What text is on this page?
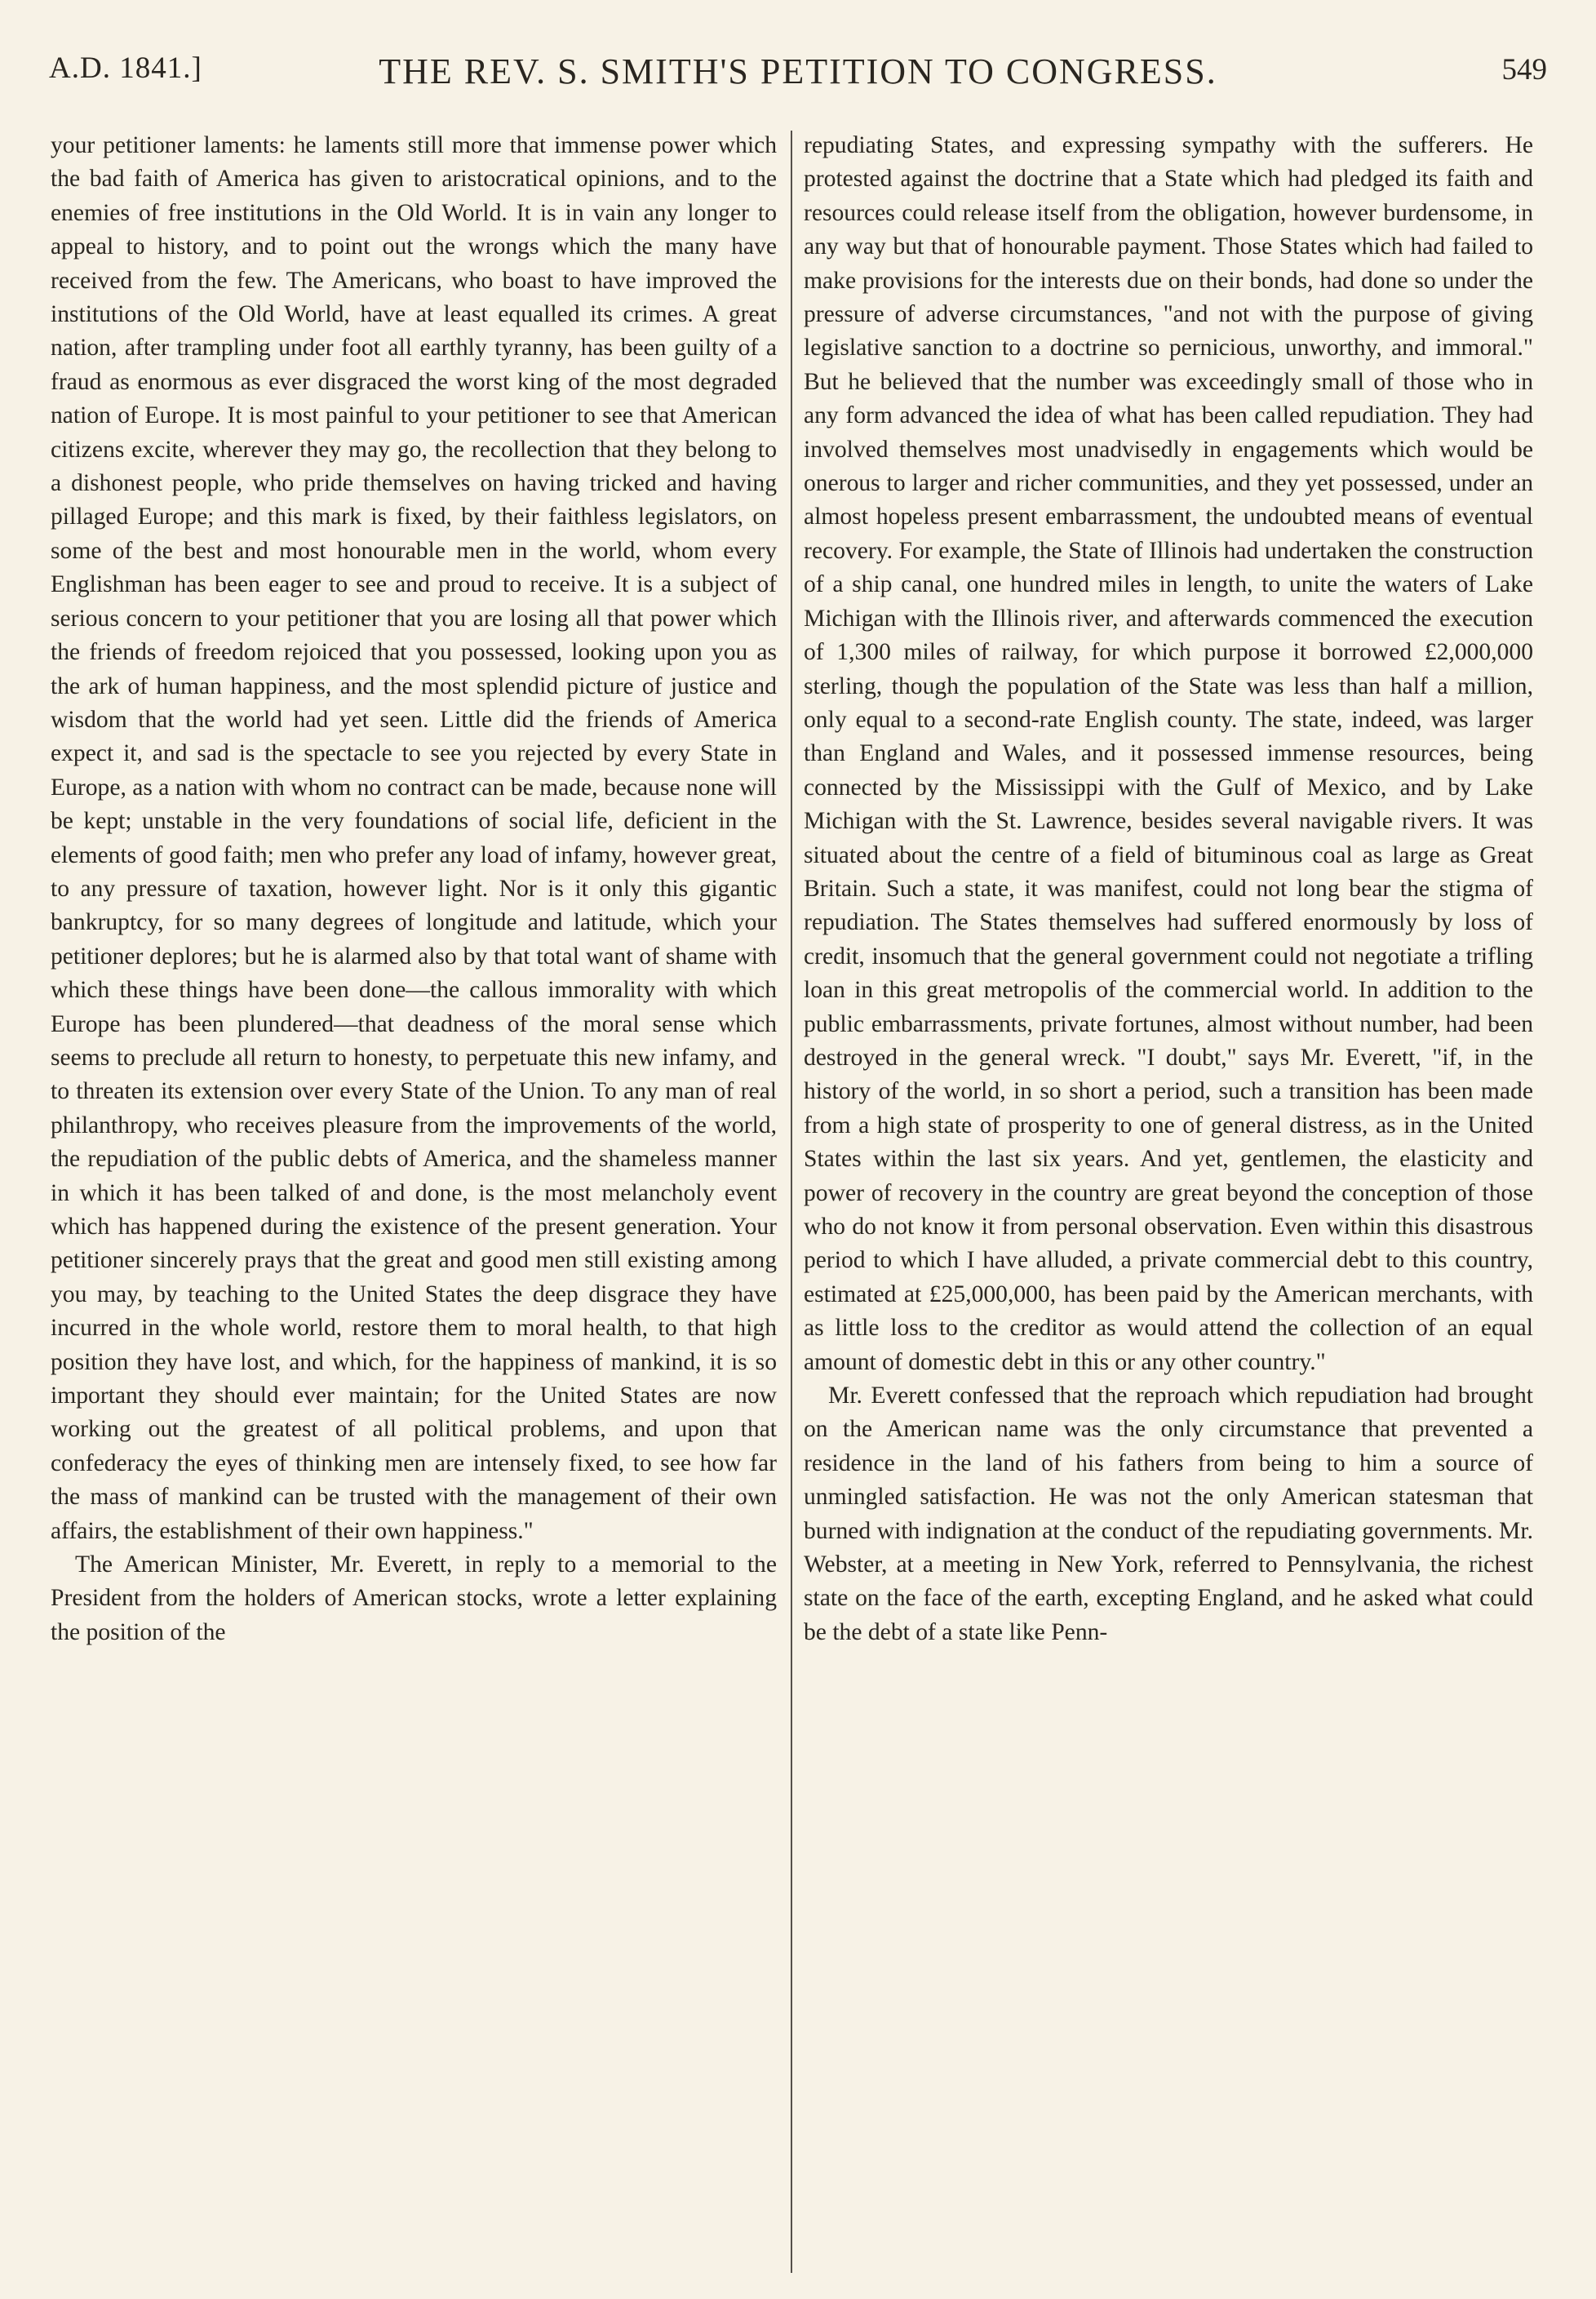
A.D. 1841.]	THE REV. S. SMITH'S PETITION TO CONGRESS.	549

your petitioner laments: he laments still more that immense power which the bad faith of America has given to aristocratical opinions, and to the enemies of free institutions in the Old World. It is in vain any longer to appeal to history, and to point out the wrongs which the many have received from the few. The Americans, who boast to have improved the institutions of the Old World, have at least equalled its crimes. A great nation, after trampling under foot all earthly tyranny, has been guilty of a fraud as enormous as ever disgraced the worst king of the most degraded nation of Europe. It is most painful to your petitioner to see that American citizens excite, wherever they may go, the recollection that they belong to a dishonest people, who pride themselves on having tricked and having pillaged Europe; and this mark is fixed, by their faithless legislators, on some of the best and most honourable men in the world, whom every Englishman has been eager to see and proud to receive. It is a subject of serious concern to your petitioner that you are losing all that power which the friends of freedom rejoiced that you possessed, looking upon you as the ark of human happiness, and the most splendid picture of justice and wisdom that the world had yet seen. Little did the friends of America expect it, and sad is the spectacle to see you rejected by every State in Europe, as a nation with whom no contract can be made, because none will be kept; unstable in the very foundations of social life, deficient in the elements of good faith; men who prefer any load of infamy, however great, to any pressure of taxation, however light. Nor is it only this gigantic bankruptcy, for so many degrees of longitude and latitude, which your petitioner deplores; but he is alarmed also by that total want of shame with which these things have been done—the callous immorality with which Europe has been plundered—that deadness of the moral sense which seems to preclude all return to honesty, to perpetuate this new infamy, and to threaten its extension over every State of the Union. To any man of real philanthropy, who receives pleasure from the improvements of the world, the repudiation of the public debts of America, and the shameless manner in which it has been talked of and done, is the most melancholy event which has happened during the existence of the present generation. Your petitioner sincerely prays that the great and good men still existing among you may, by teaching to the United States the deep disgrace they have incurred in the whole world, restore them to moral health, to that high position they have lost, and which, for the happiness of mankind, it is so important they should ever maintain; for the United States are now working out the greatest of all political problems, and upon that confederacy the eyes of thinking men are intensely fixed, to see how far the mass of mankind can be trusted with the management of their own affairs, the establishment of their own happiness."

The American Minister, Mr. Everett, in reply to a memorial to the President from the holders of American stocks, wrote a letter explaining the position of the

repudiating States, and expressing sympathy with the sufferers. He protested against the doctrine that a State which had pledged its faith and resources could release itself from the obligation, however burdensome, in any way but that of honourable payment. Those States which had failed to make provisions for the interests due on their bonds, had done so under the pressure of adverse circumstances, "and not with the purpose of giving legislative sanction to a doctrine so pernicious, unworthy, and immoral." But he believed that the number was exceedingly small of those who in any form advanced the idea of what has been called repudiation. They had involved themselves most unadvisedly in engagements which would be onerous to larger and richer communities, and they yet possessed, under an almost hopeless present embarrassment, the undoubted means of eventual recovery. For example, the State of Illinois had undertaken the construction of a ship canal, one hundred miles in length, to unite the waters of Lake Michigan with the Illinois river, and afterwards commenced the execution of 1,300 miles of railway, for which purpose it borrowed £2,000,000 sterling, though the population of the State was less than half a million, only equal to a second-rate English county. The state, indeed, was larger than England and Wales, and it possessed immense resources, being connected by the Mississippi with the Gulf of Mexico, and by Lake Michigan with the St. Lawrence, besides several navigable rivers. It was situated about the centre of a field of bituminous coal as large as Great Britain. Such a state, it was manifest, could not long bear the stigma of repudiation. The States themselves had suffered enormously by loss of credit, insomuch that the general government could not negotiate a trifling loan in this great metropolis of the commercial world. In addition to the public embarrassments, private fortunes, almost without number, had been destroyed in the general wreck. "I doubt," says Mr. Everett, "if, in the history of the world, in so short a period, such a transition has been made from a high state of prosperity to one of general distress, as in the United States within the last six years. And yet, gentlemen, the elasticity and power of recovery in the country are great beyond the conception of those who do not know it from personal observation. Even within this disastrous period to which I have alluded, a private commercial debt to this country, estimated at £25,000,000, has been paid by the American merchants, with as little loss to the creditor as would attend the collection of an equal amount of domestic debt in this or any other country."

Mr. Everett confessed that the reproach which repudiation had brought on the American name was the only circumstance that prevented a residence in the land of his fathers from being to him a source of unmingled satisfaction. He was not the only American statesman that burned with indignation at the conduct of the repudiating governments. Mr. Webster, at a meeting in New York, referred to Pennsylvania, the richest state on the face of the earth, excepting England, and he asked what could be the debt of a state like Penn-
